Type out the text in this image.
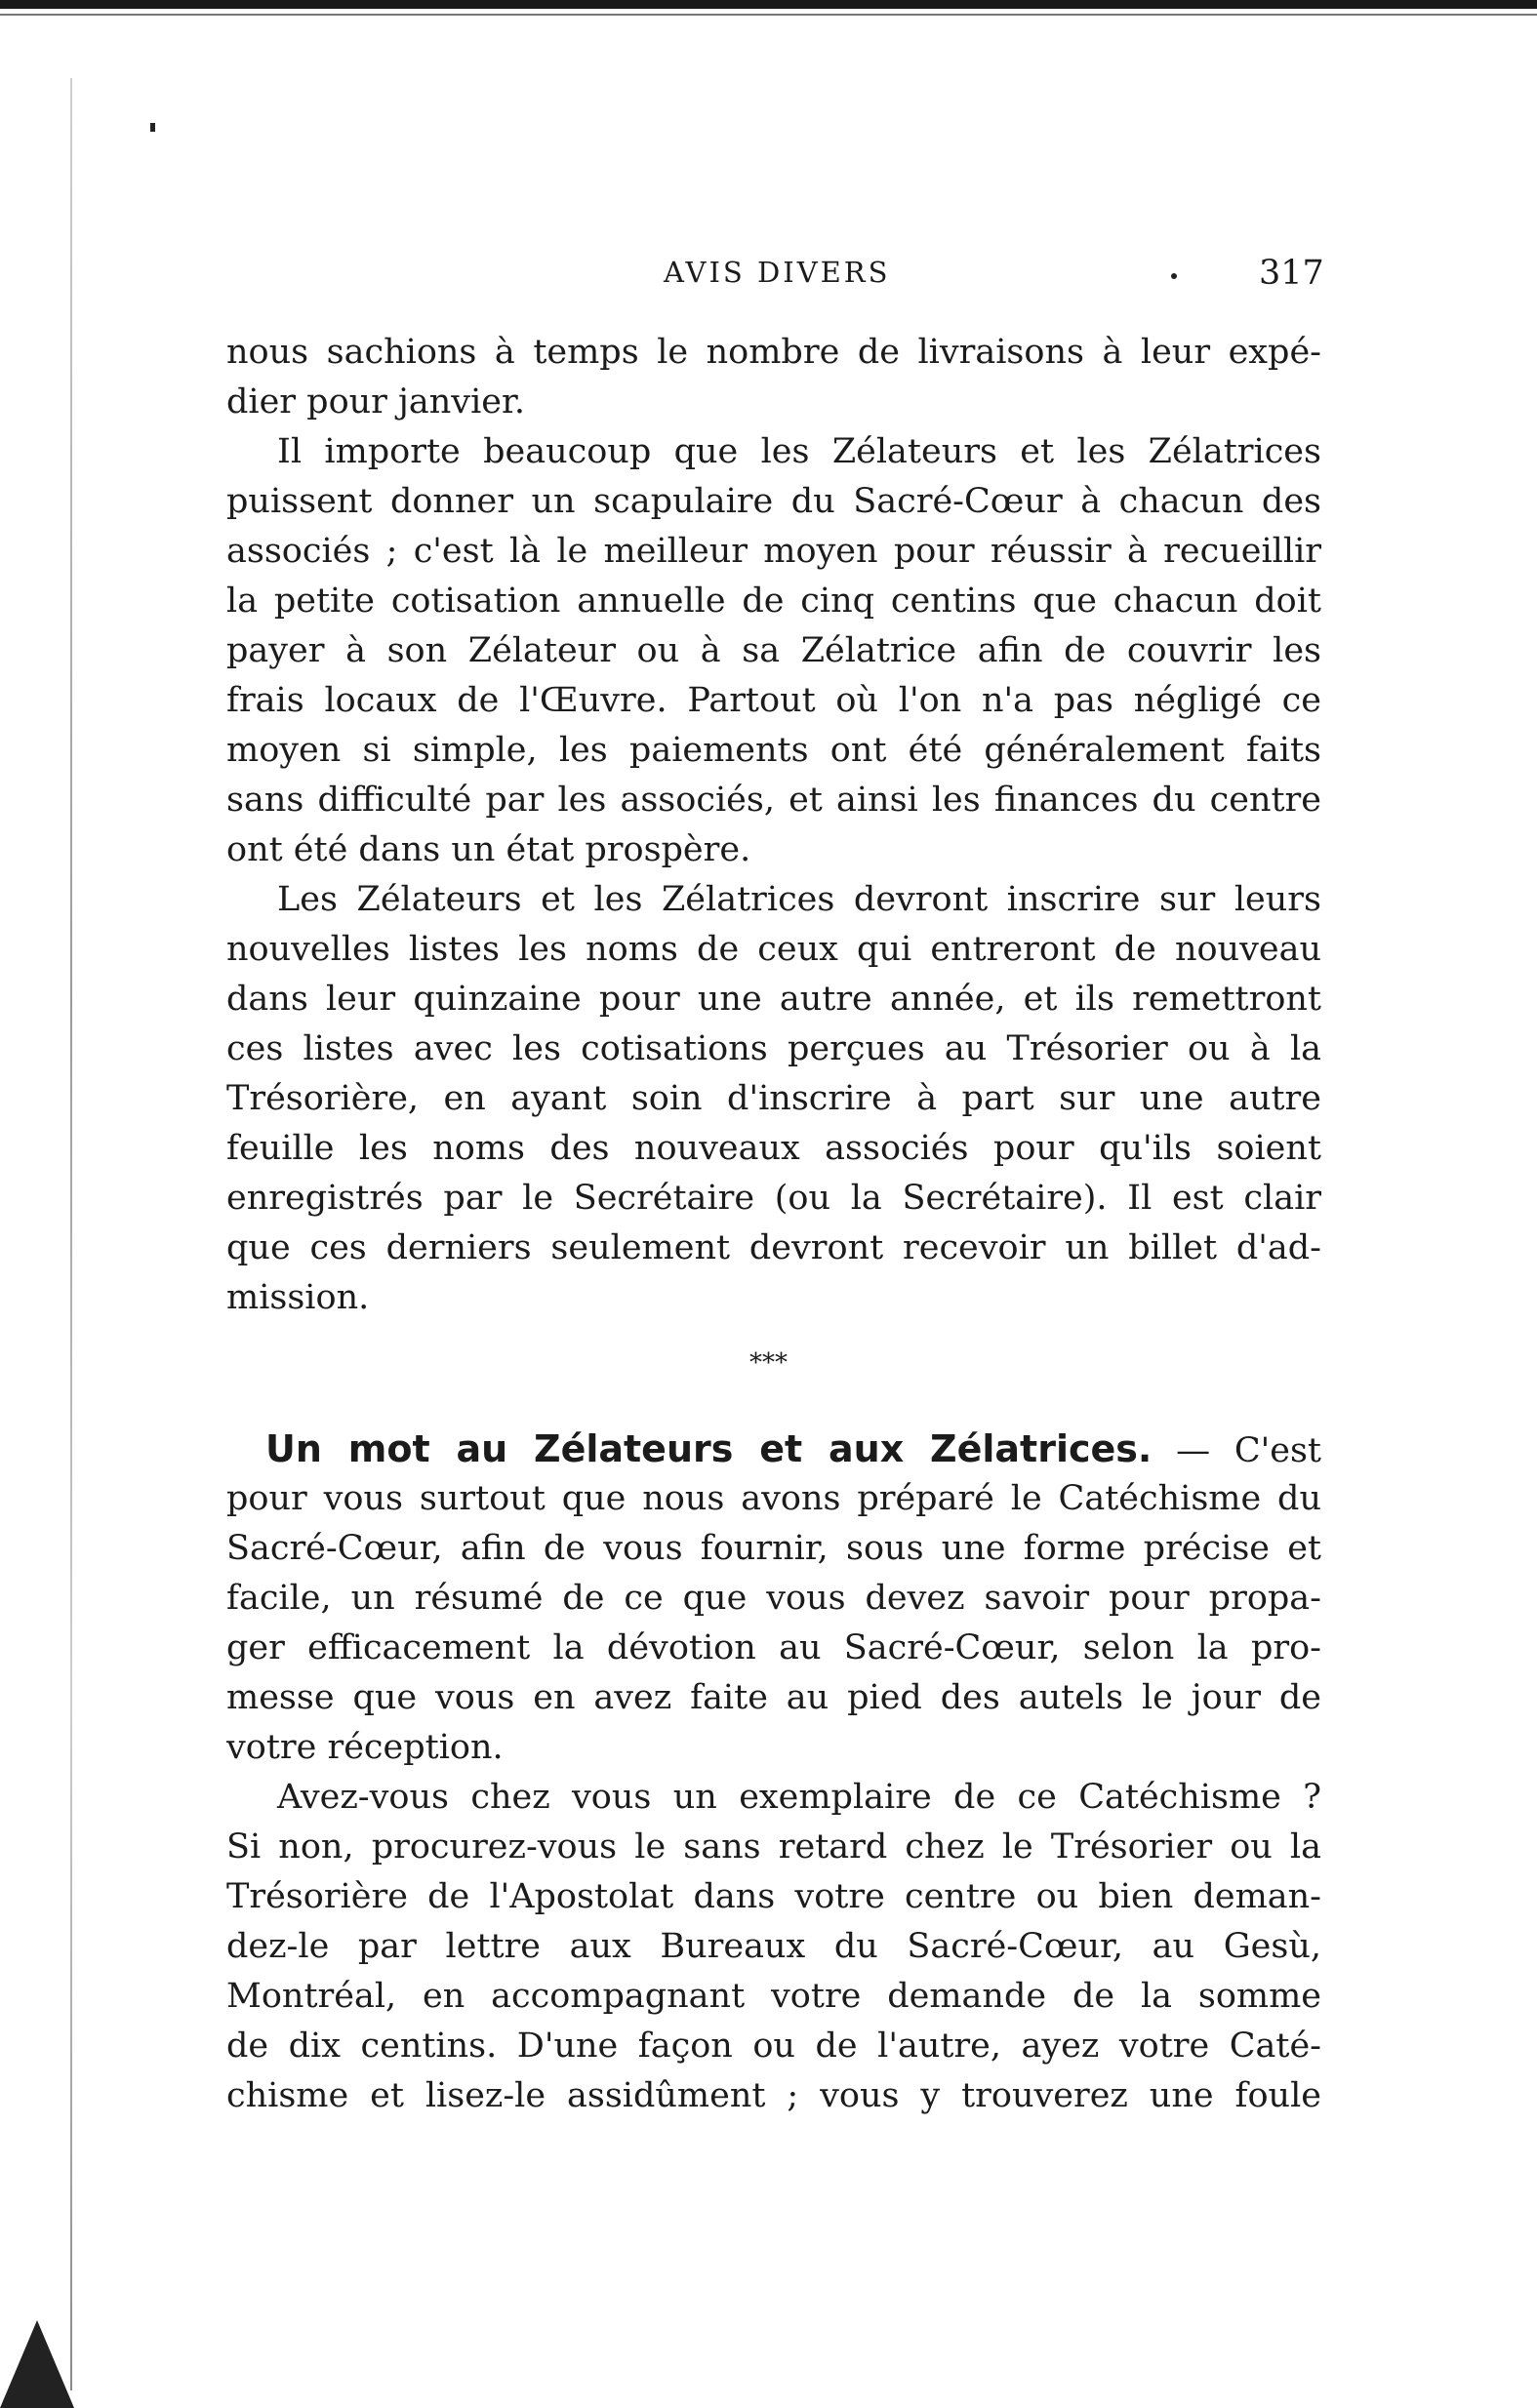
AVIS DIVERS	317
nous sachions à temps le nombre de livraisons à leur expé-
dier pour janvier.
Il importe beaucoup que les Zélateurs et les Zélatrices
puissent donner un scapulaire du Sacré-Cœur à chacun des
associés ; c'est là le meilleur moyen pour réussir à recueillir
la petite cotisation annuelle de cinq centins que chacun doit
payer à son Zélateur ou à sa Zélatrice afin de couvrir les
frais locaux de l'Œuvre. Partout où l'on n'a pas négligé ce
moyen si simple, les paiements ont été généralement faits
sans difficulté par les associés, et ainsi les finances du centre
ont été dans un état prospère.
Les Zélateurs et les Zélatrices devront inscrire sur leurs
nouvelles listes les noms de ceux qui entreront de nouveau
dans leur quinzaine pour une autre année, et ils remettront
ces listes avec les cotisations perçues au Trésorier ou à la
Trésorière, en ayant soin d'inscrire à part sur une autre
feuille les noms des nouveaux associés pour qu'ils soient
enregistrés par le Secrétaire (ou la Secrétaire). Il est clair
que ces derniers seulement devront recevoir un billet d'ad-
mission.
***
Un mot au Zélateurs et aux Zélatrices. — C'est
pour vous surtout que nous avons préparé le Catéchisme du
Sacré-Cœur, afin de vous fournir, sous une forme précise et
facile, un résumé de ce que vous devez savoir pour propa-
ger efficacement la dévotion au Sacré-Cœur, selon la pro-
messe que vous en avez faite au pied des autels le jour de
votre réception.
Avez-vous chez vous un exemplaire de ce Catéchisme ?
Si non, procurez-vous le sans retard chez le Trésorier ou la
Trésorière de l'Apostolat dans votre centre ou bien deman-
dez-le par lettre aux Bureaux du Sacré-Cœur, au Gesù,
Montréal, en accompagnant votre demande de la somme
de dix centins. D'une façon ou de l'autre, ayez votre Caté-
chisme et lisez-le assidûment ; vous y trouverez une foule
